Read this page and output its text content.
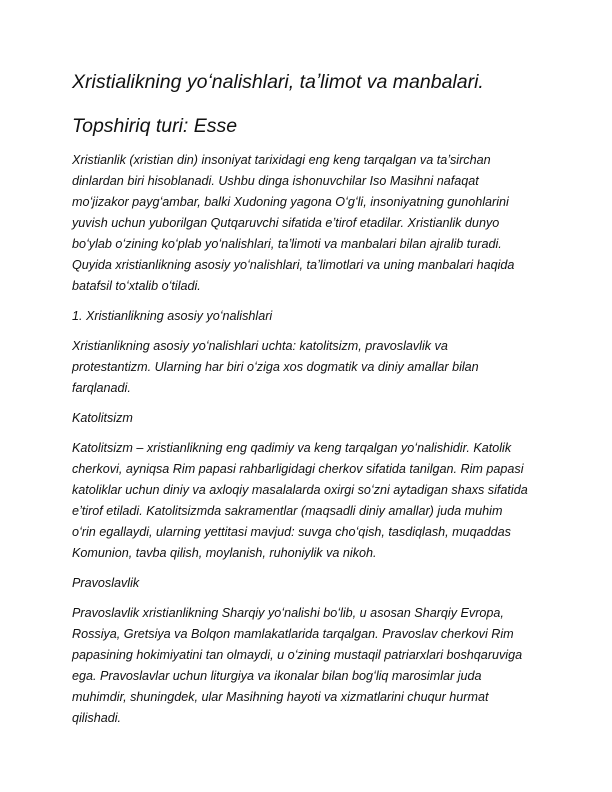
Xristialikning yoʻnalishlari, taʼlimot va manbalari.
Topshiriq turi: Esse
Xristianlik (xristian din) insoniyat tarixidagi eng keng tarqalgan va taʼsirchan
dinlardan biri hisoblanadi. Ushbu dinga ishonuvchilar Iso Masihni nafaqat
moʻjizakor paygʻambar, balki Xudoning yagona Oʻgʻli, insoniyatning gunohlarini
yuvish uchun yuborilgan Qutqaruvchi sifatida eʼtirof etadilar. Xristianlik dunyo
boʻylab oʻzining koʻplab yoʻnalishlari, taʼlimoti va manbalari bilan ajralib turadi.
Quyida xristianlikning asosiy yoʻnalishlari, taʼlimotlari va uning manbalari haqida
batafsil toʻxtalib oʻtiladi.
1. Xristianlikning asosiy yoʻnalishlari
Xristianlikning asosiy yoʻnalishlari uchta: katolitsizm, pravoslavlik va
protestantizm. Ularning har biri oʻziga xos dogmatik va diniy amallar bilan
farqlanadi.
Katolitsizm
Katolitsizm – xristianlikning eng qadimiy va keng tarqalgan yoʻnalishidir. Katolik
cherkovi, ayniqsa Rim papasi rahbarligidagi cherkov sifatida tanilgan. Rim papasi
katoliklar uchun diniy va axloqiy masalalarda oxirgi soʻzni aytadigan shaxs sifatida
eʼtirof etiladi. Katolitsizmda sakramentlar (maqsadli diniy amallar) juda muhim
oʻrin egallaydi, ularning yettitasi mavjud: suvga choʻqish, tasdiqlash, muqaddas
Komunion, tavba qilish, moylanish, ruhoniylik va nikoh.
Pravoslavlik
Pravoslavlik xristianlikning Sharqiy yoʻnalishi boʻlib, u asosan Sharqiy Evropa,
Rossiya, Gretsiya va Bolqon mamlakatlarida tarqalgan. Pravoslav cherkovi Rim
papasining hokimiyatini tan olmaydi, u oʻzining mustaqil patriarxlari boshqaruviga
ega. Pravoslavlar uchun liturgiya va ikonalar bilan bogʻliq marosimlar juda
muhimdir, shuningdek, ular Masihning hayoti va xizmatlarini chuqur hurmat
qilishadi.
